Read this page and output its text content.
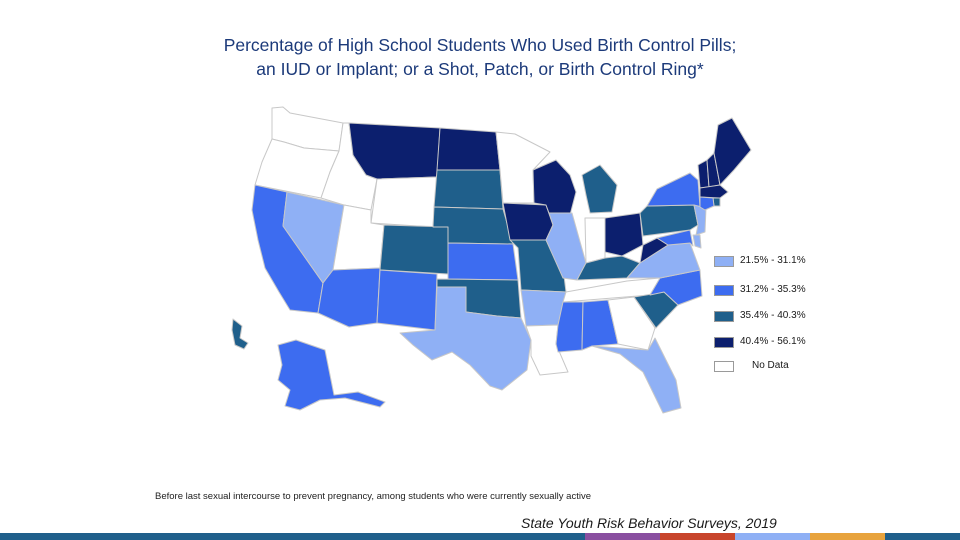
Percentage of High School Students Who Used Birth Control Pills;
an IUD or Implant; or a Shot, Patch, or Birth Control Ring*
21.5% - 31.1%
31.2% - 35.3%
35.4% - 40.3%
40.4% - 56.1%
No Data
Before last sexual intercourse to prevent pregnancy, among students who were currently sexually active
State Youth Risk Behavior Surveys, 2019
